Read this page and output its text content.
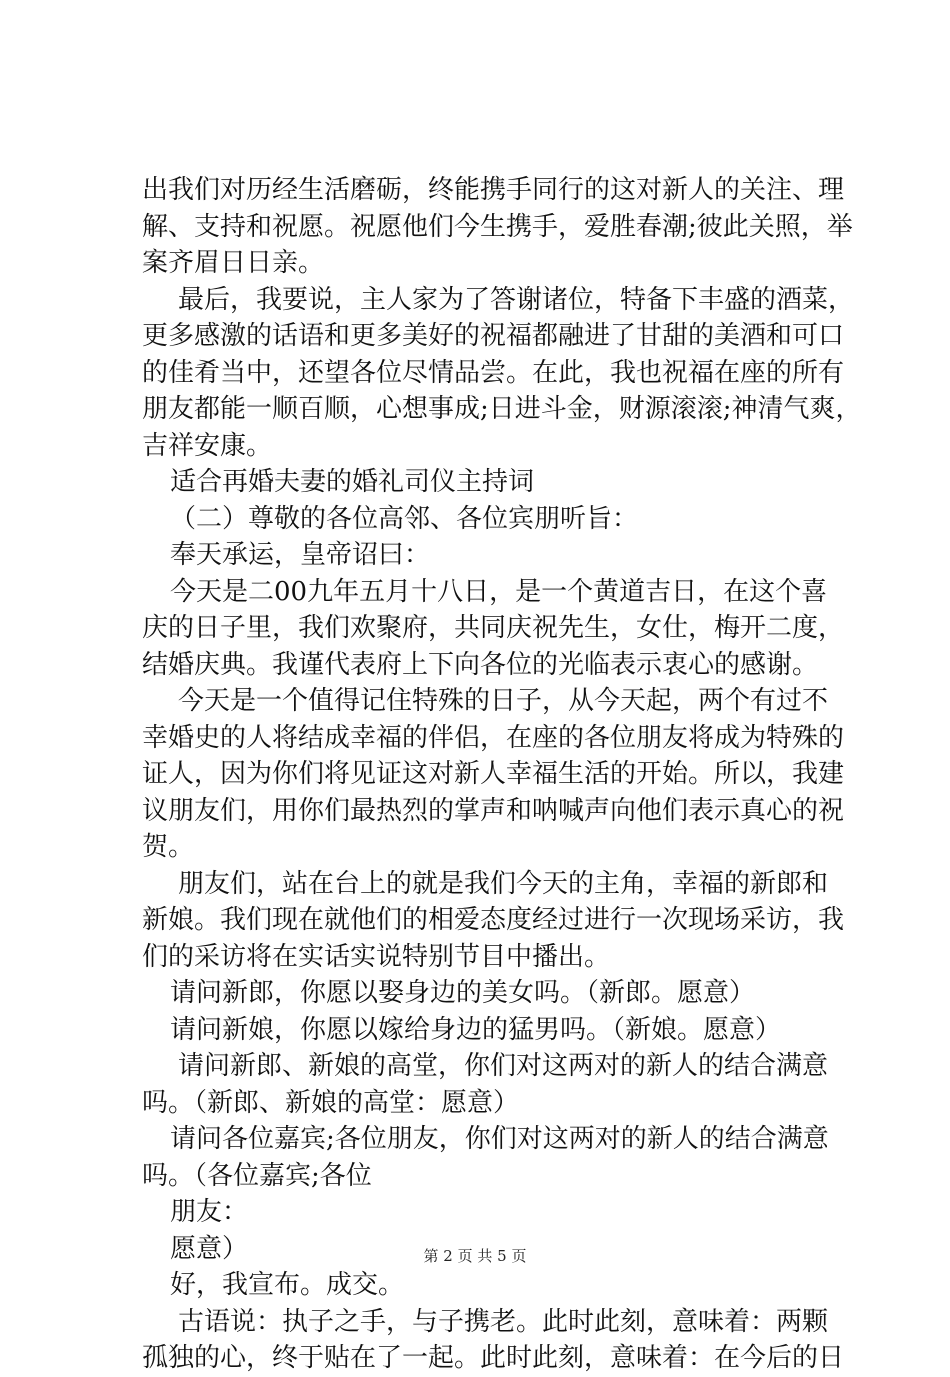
出我们对历经生活磨砺，终能携手同行的这对新人的关注、理
解、支持和祝愿。祝愿他们今生携手，爱胜春潮;彼此关照，举
案齐眉日日亲。
最后，我要说，主人家为了答谢诸位，特备下丰盛的酒菜，
更多感激的话语和更多美好的祝福都融进了甘甜的美酒和可口
的佳肴当中，还望各位尽情品尝。在此，我也祝福在座的所有
朋友都能一顺百顺，心想事成;日进斗金，财源滚滚;神清气爽，
吉祥安康。
适合再婚夫妻的婚礼司仪主持词
（二）尊敬的各位高邻、各位宾朋听旨：
奉天承运，皇帝诏曰：
今天是二00九年五月十八日，是一个黄道吉日，在这个喜
庆的日子里，我们欢聚府，共同庆祝先生，女仕，梅开二度，
结婚庆典。我谨代表府上下向各位的光临表示衷心的感谢。
今天是一个值得记住特殊的日子，从今天起，两个有过不
幸婚史的人将结成幸福的伴侣，在座的各位朋友将成为特殊的
证人，因为你们将见证这对新人幸福生活的开始。所以，我建
议朋友们，用你们最热烈的掌声和呐喊声向他们表示真心的祝
贺。
朋友们，站在台上的就是我们今天的主角，幸福的新郎和
新娘。我们现在就他们的相爱态度经过进行一次现场采访，我
们的采访将在实话实说特别节目中播出。
请问新郎，你愿以娶身边的美女吗。（新郎。愿意）
请问新娘，你愿以嫁给身边的猛男吗。（新娘。愿意）
请问新郎、新娘的高堂，你们对这两对的新人的结合满意
吗。（新郎、新娘的高堂：愿意）
请问各位嘉宾;各位朋友，你们对这两对的新人的结合满意
吗。（各位嘉宾;各位
朋友：
愿意）
好，我宣布。成交。
古语说：执子之手，与子携老。此时此刻，意味着：两颗
孤独的心，终于贴在了一起。此时此刻，意味着：在今后的日
第 2 页 共 5 页
